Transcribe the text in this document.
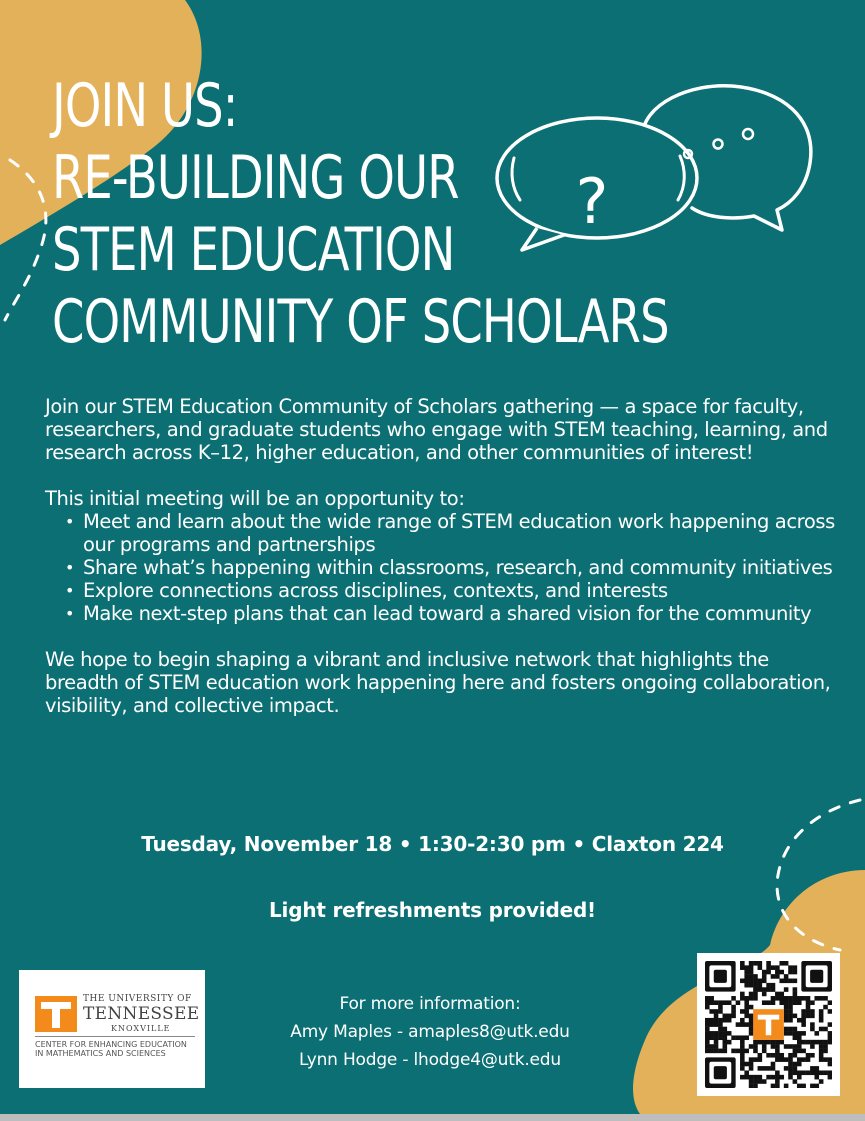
JOIN US:
RE-BUILDING OUR
STEM EDUCATION
COMMUNITY OF SCHOLARS
?

Join our STEM Education Community of Scholars gathering — a space for faculty, researchers, and graduate students who engage with STEM teaching, learning, and research across K–12, higher education, and other communities of interest!

This initial meeting will be an opportunity to:

• Meet and learn about the wide range of STEM education work happening across our programs and partnerships
• Share what’s happening within classrooms, research, and community initiatives
• Explore connections across disciplines, contexts, and interests
• Make next-step plans that can lead toward a shared vision for the community

We hope to begin shaping a vibrant and inclusive network that highlights the breadth of STEM education work happening here and fosters ongoing collaboration, visibility, and collective impact.

Tuesday, November 18 • 1:30-2:30 pm • Claxton 224
Light refreshments provided!
THE UNIVERSITY OF
TENNESSEE
KNOXVILLE
CENTER FOR ENHANCING EDUCATION IN MATHEMATICS AND SCIENCES
For more information:
Amy Maples - amaples8@utk.edu
Lynn Hodge - lhodge4@utk.edu
